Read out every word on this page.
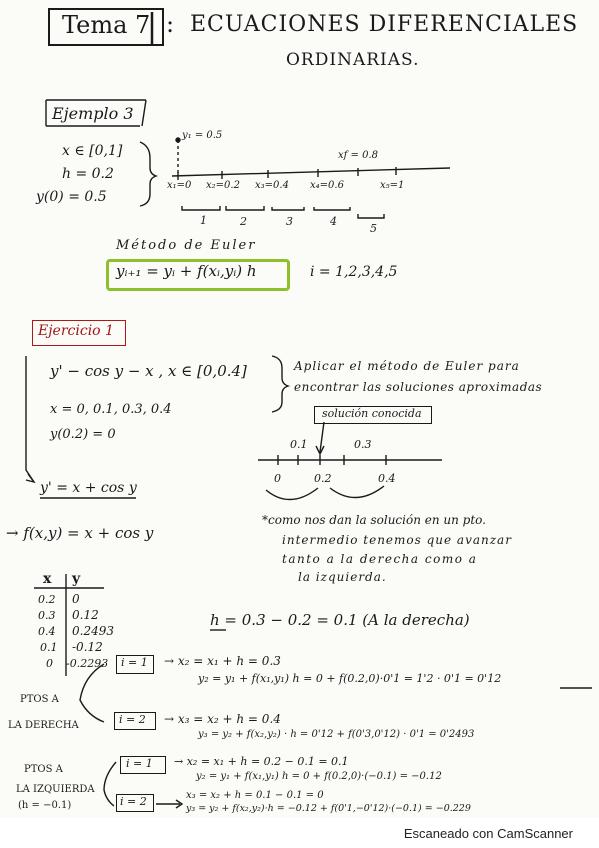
Tema 7 : ECUACIONES DIFERENCIALES
ORDINARIAS.
Ejemplo 3
x ∈ [0,1]
h = 0.2
y(0) = 0.5
y₁ = 0.5
xf = 0.8
x₁=0 x₂=0.2 x₃=0.4 x₄=0.6	x₅=1
1	2	3	4
5
Método de Euler
yᵢ₊₁ = yᵢ + f(xᵢ,yᵢ) h	i = 1,2,3,4,5
Ejercicio 1
y' − cos y − x , x ∈ [0,0.4]
x = 0, 0.1, 0.3, 0.4
y(0.2) = 0
Aplicar el método de Euler para
encontrar las soluciones aproximadas
solución conocida
0.1	0.3
0	0.2	0.4
y' = x + cos y
→ f(x,y) = x + cos y
*como nos dan la solución en un pto.
intermedio tenemos que avanzar
tanto a la derecha como a
la izquierda.
x y
0.2 0
0.3 0.12
0.4 0.2493
0.1 -0.12
0 -0.2293
h = 0.3 − 0.2 = 0.1 (A la derecha)
i = 1 → x₂ = x₁ + h = 0.3
y₂ = y₁ + f(x₁,y₁) h = 0 + f(0.2,0)·0'1 = 1'2 · 0'1 = 0'12
PTOS A
LA DERECHA	i = 2 → x₃ = x₂ + h = 0.4
y₃ = y₂ + f(x₂,y₂) · h = 0'12 + f(0'3,0'12) · 0'1 = 0'2493
PTOS A
LA IZQUIERDA
(h = −0.1)
i = 1 → x₂ = x₁ + h = 0.2 − 0.1 = 0.1
y₂ = y₁ + f(x₁,y₁) h = 0 + f(0.2,0)·(−0.1) = −0.12
i = 2	x₃ = x₂ + h = 0.1 − 0.1 = 0
y₃ = y₂ + f(x₂,y₂)·h = −0.12 + f(0'1,−0'12)·(−0.1) = −0.229
Escaneado con CamScanner
